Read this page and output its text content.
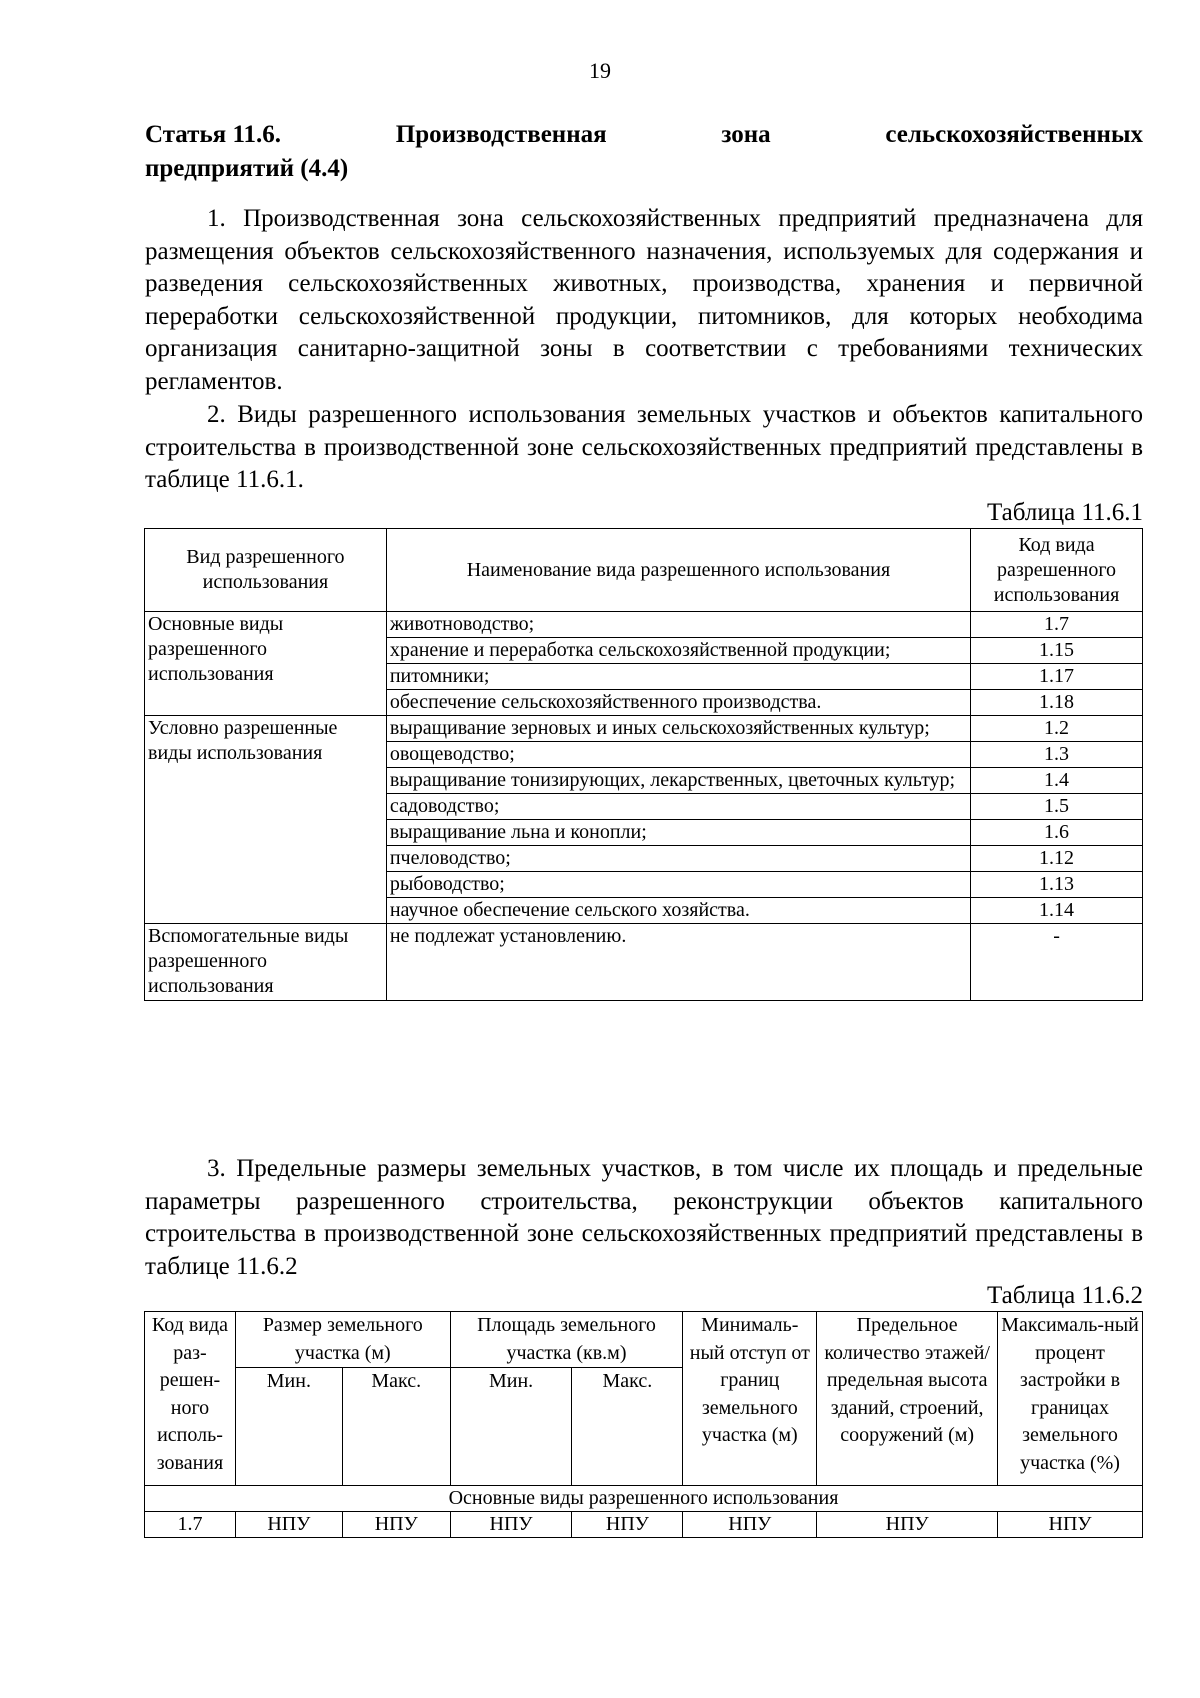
19
Статья 11.6.	Производственная	зона	сельскохозяйственных
предприятий (4.4)

1. Производственная зона сельскохозяйственных предприятий предназначена для размещения объектов сельскохозяйственного назначения, используемых для содержания и разведения сельскохозяйственных животных, производства, хранения и первичной переработки сельскохозяйственной продукции, питомников, для которых необходима организация санитарно-защитной зоны в соответствии с требованиями технических регламентов.

2. Виды разрешенного использования земельных участков и объектов капитального строительства в производственной зоне сельскохозяйственных предприятий представлены в таблице 11.6.1.

Таблица 11.6.1
Вид разрешенного использования	Наименование вида разрешенного использования	Код вида разрешенного использования
Основные виды разрешенного использования	животноводство;	1.7
	хранение и переработка сельскохозяйственной продукции;	1.15
	питомники;	1.17
	обеспечение сельскохозяйственного производства.	1.18
Условно разрешенные виды использования	выращивание зерновых и иных сельскохозяйственных культур;	1.2
	овощеводство;	1.3
	выращивание тонизирующих, лекарственных, цветочных культур;	1.4
	садоводство;	1.5
	выращивание льна и конопли;	1.6
	пчеловодство;	1.12
	рыбоводство;	1.13
	научное обеспечение сельского хозяйства.	1.14
Вспомогательные виды разрешенного использования	не подлежат установлению.	-

3. Предельные размеры земельных участков, в том числе их площадь и предельные параметры разрешенного строительства, реконструкции объектов капитального строительства в производственной зоне сельскохозяйственных предприятий представлены в таблице 11.6.2

Таблица 11.6.2
Код вида раз-решен-ного исполь-зования	Размер земельного участка (м)		Площадь земельного участка (кв.м)		Минималь-ный отступ от границ земельного участка (м)	Предельное количество этажей/ предельная высота зданий, строений, сооружений (м)	Максималь-ный процент застройки в границах земельного участка (%)
	Мин.	Макс.	Мин.	Макс.			
Основные виды разрешенного использования							
1.7	НПУ	НПУ	НПУ	НПУ	НПУ	НПУ	НПУ
